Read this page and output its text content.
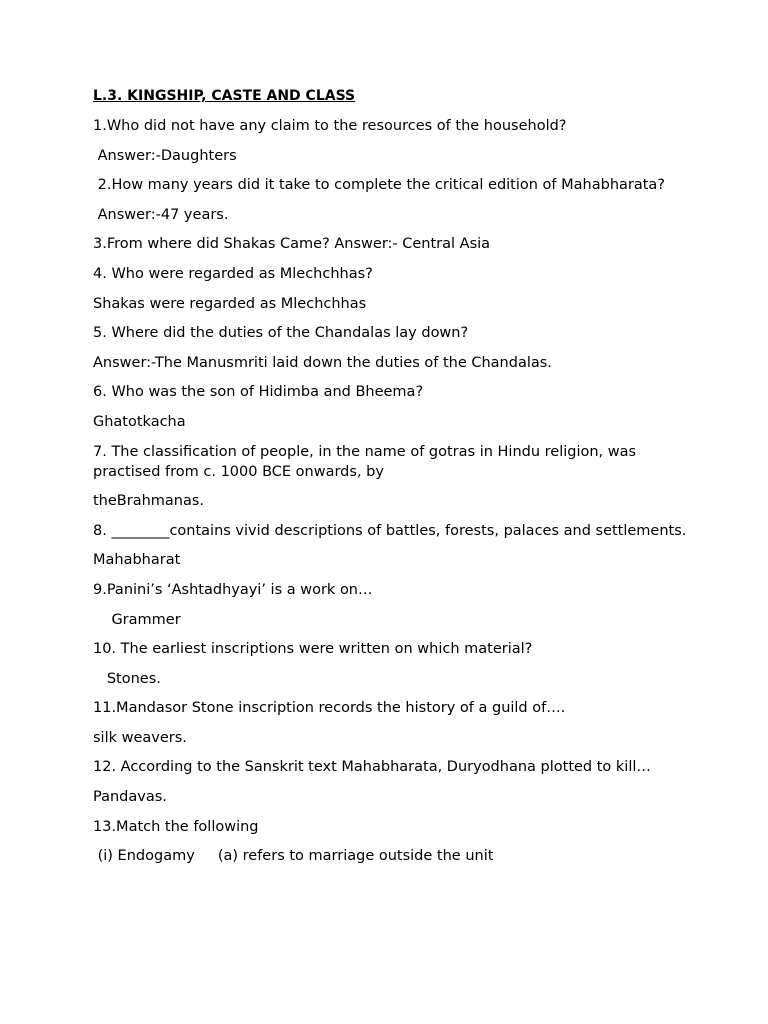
L.3. KINGSHIP, CASTE AND CLASS
1.Who did not have any claim to the resources of the household?
Answer:-Daughters
2.How many years did it take to complete the critical edition of Mahabharata?
Answer:-47 years.
3.From where did Shakas Came? Answer:- Central Asia
4. Who were regarded as Mlechchhas?
Shakas were regarded as Mlechchhas
5. Where did the duties of the Chandalas lay down?
Answer:-The Manusmriti laid down the duties of the Chandalas.
6. Who was the son of Hidimba and Bheema?
Ghatotkacha
7. The classification of people, in the name of gotras in Hindu religion, was practised from c. 1000 BCE onwards, by
theBrahmanas.
8. ________contains vivid descriptions of battles, forests, palaces and settlements.
Mahabharat
9.Panini’s ‘Ashtadhyayi’ is a work on…
Grammer
10. The earliest inscriptions were written on which material?
Stones.
11.Mandasor Stone inscription records the history of a guild of….
silk weavers.
12. According to the Sanskrit text Mahabharata, Duryodhana plotted to kill…
Pandavas.
13.Match the following
(i) Endogamy     (a) refers to marriage outside the unit
